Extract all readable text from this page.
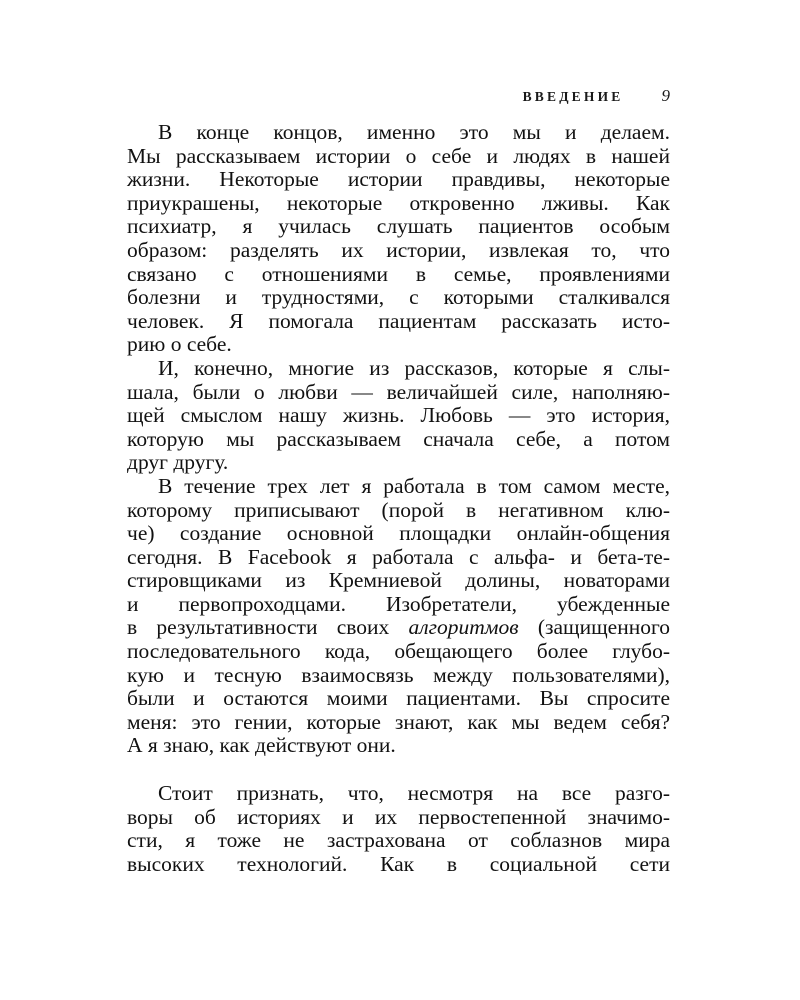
ВВЕДЕНИЕ 9
В конце концов, именно это мы и делаем.
Мы рассказываем истории о себе и людях в нашей
жизни. Некоторые истории правдивы, некоторые
приукрашены, некоторые откровенно лживы. Как
психиатр, я училась слушать пациентов особым
образом: разделять их истории, извлекая то, что
связано с отношениями в семье, проявлениями
болезни и трудностями, с которыми сталкивался
человек. Я помогала пациентам рассказать исто-
рию о себе.
И, конечно, многие из рассказов, которые я слы-
шала, были о любви — величайшей силе, наполняю-
щей смыслом нашу жизнь. Любовь — это история,
которую мы рассказываем сначала себе, а потом
друг другу.
В течение трех лет я работала в том самом месте,
которому приписывают (порой в негативном клю-
че) создание основной площадки онлайн-общения
сегодня. В Facebook я работала с альфа- и бета-те-
стировщиками из Кремниевой долины, новаторами
и первопроходцами. Изобретатели, убежденные
в результативности своих алгоритмов (защищенного
последовательного кода, обещающего более глубо-
кую и тесную взаимосвязь между пользователями),
были и остаются моими пациентами. Вы спросите
меня: это гении, которые знают, как мы ведем себя?
А я знаю, как действуют они.
Стоит признать, что, несмотря на все разго-
воры об историях и их первостепенной значимо-
сти, я тоже не застрахована от соблазнов мира
высоких технологий. Как в социальной сети
